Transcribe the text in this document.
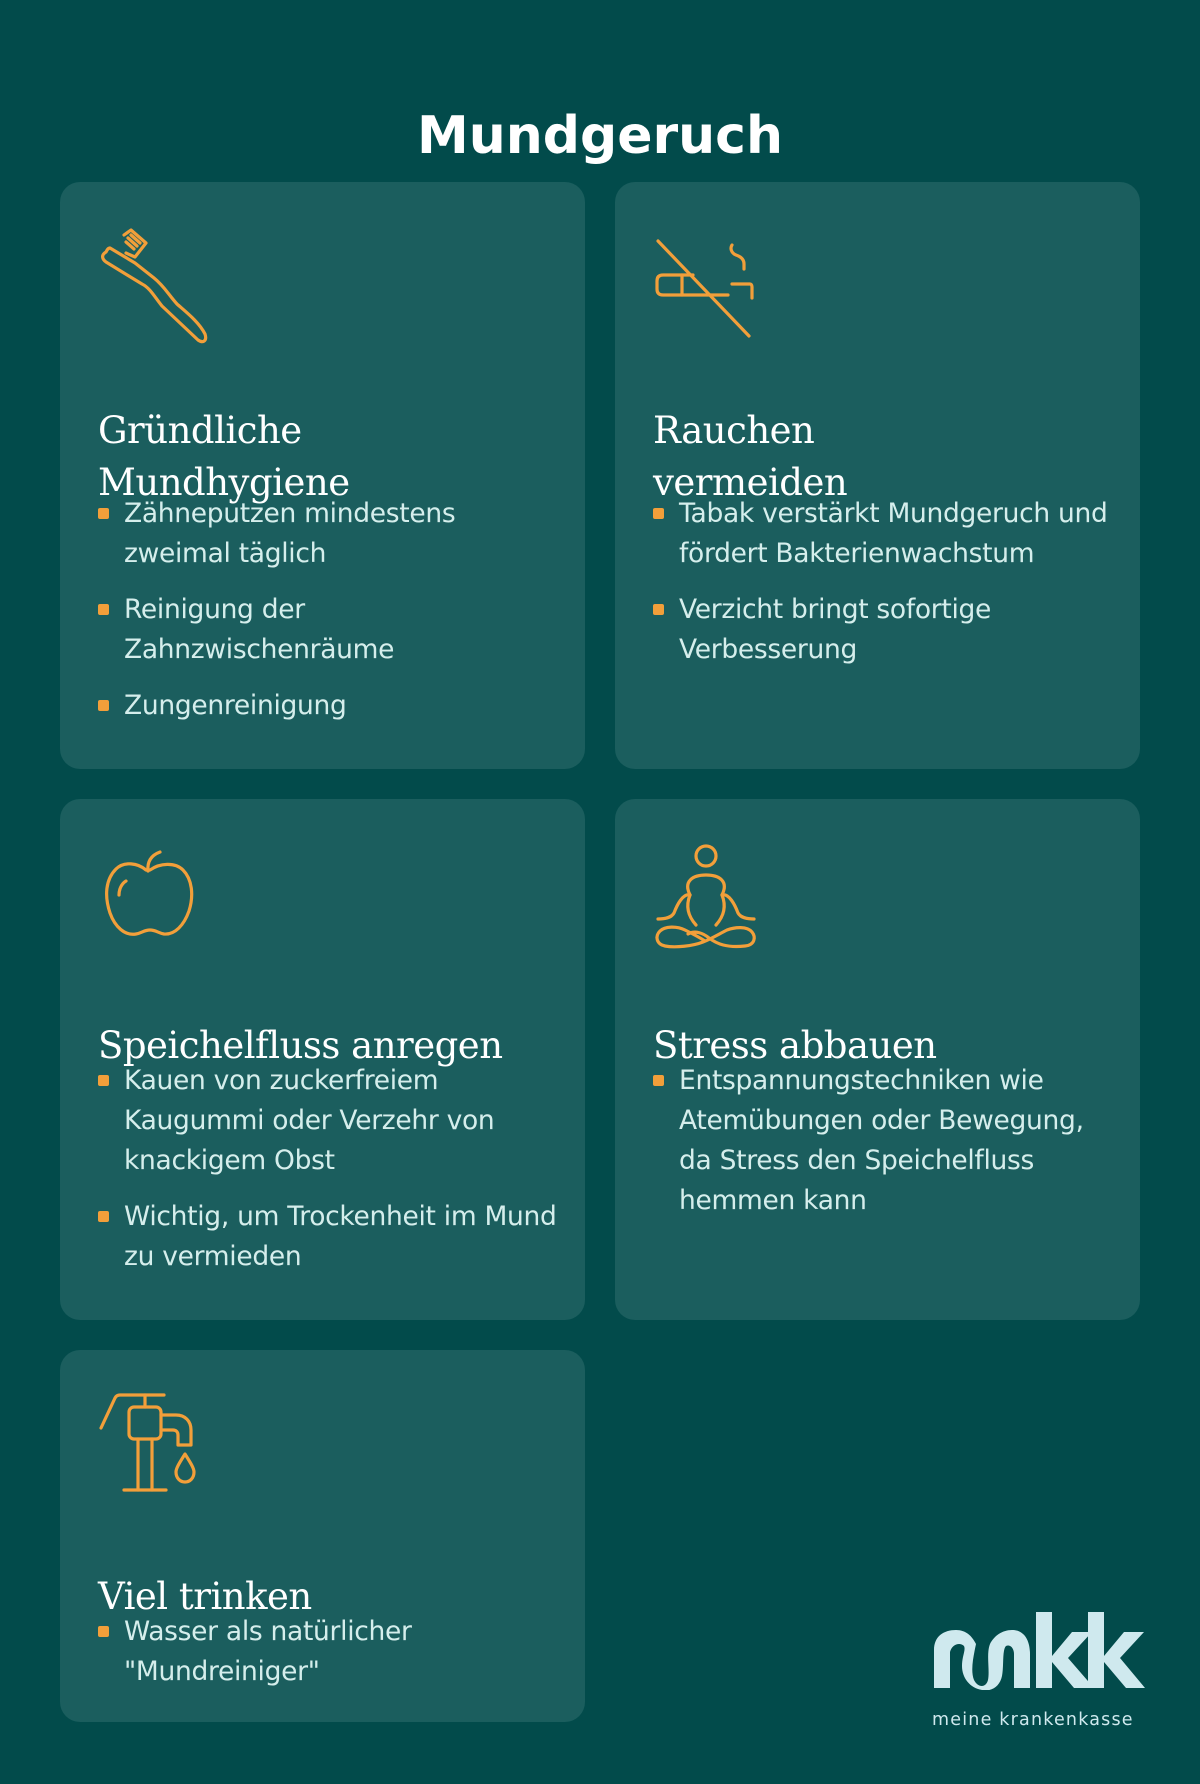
Mundgeruch
Gründliche
Mundhygiene
Zähneputzen mindestens zweimal täglich
Reinigung der Zahnzwischenräume
Zungenreinigung
Rauchen
vermeiden
Tabak verstärkt Mundgeruch und fördert Bakterienwachstum
Verzicht bringt sofortige Verbesserung
Speichelfluss anregen
Kauen von zuckerfreiem Kaugummi oder Verzehr von knackigem Obst
Wichtig, um Trockenheit im Mund zu vermieden
Stress abbauen
Entspannungstechniken wie Atemübungen oder Bewegung, da Stress den Speichelfluss hemmen kann
Viel trinken
Wasser als natürlicher "Mundreiniger"
meine krankenkasse
